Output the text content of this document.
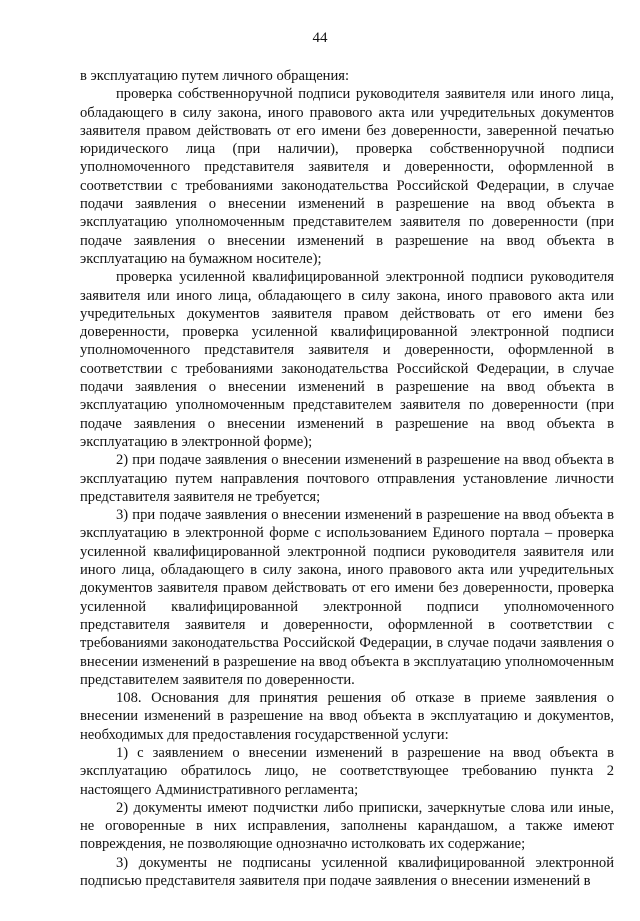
44

в эксплуатацию путем личного обращения:

проверка собственноручной подписи руководителя заявителя или иного лица, обладающего в силу закона, иного правового акта или учредительных документов заявителя правом действовать от его имени без доверенности, заверенной печатью юридического лица (при наличии), проверка собственноручной подписи уполномоченного представителя заявителя и доверенности, оформленной в соответствии с требованиями законодательства Российской Федерации, в случае подачи заявления о внесении изменений в разрешение на ввод объекта в эксплуатацию уполномоченным представителем заявителя по доверенности (при подаче заявления о внесении изменений в разрешение на ввод объекта в эксплуатацию на бумажном носителе);

проверка усиленной квалифицированной электронной подписи руководителя заявителя или иного лица, обладающего в силу закона, иного правового акта или учредительных документов заявителя правом действовать от его имени без доверенности, проверка усиленной квалифицированной электронной подписи уполномоченного представителя заявителя и доверенности, оформленной в соответствии с требованиями законодательства Российской Федерации, в случае подачи заявления о внесении изменений в разрешение на ввод объекта в эксплуатацию уполномоченным представителем заявителя по доверенности (при подаче заявления о внесении изменений в разрешение на ввод объекта в эксплуатацию в электронной форме);

2) при подаче заявления о внесении изменений в разрешение на ввод объекта в эксплуатацию путем направления почтового отправления установление личности представителя заявителя не требуется;

3) при подаче заявления о внесении изменений в разрешение на ввод объекта в эксплуатацию в электронной форме с использованием Единого портала – проверка усиленной квалифицированной электронной подписи руководителя заявителя или иного лица, обладающего в силу закона, иного правового акта или учредительных документов заявителя правом действовать от его имени без доверенности, проверка усиленной квалифицированной электронной подписи уполномоченного представителя заявителя и доверенности, оформленной в соответствии с требованиями законодательства Российской Федерации, в случае подачи заявления о внесении изменений в разрешение на ввод объекта в эксплуатацию уполномоченным представителем заявителя по доверенности.

108. Основания для принятия решения об отказе в приеме заявления о внесении изменений в разрешение на ввод объекта в эксплуатацию и документов, необходимых для предоставления государственной услуги:

1) с заявлением о внесении изменений в разрешение на ввод объекта в эксплуатацию обратилось лицо, не соответствующее требованию пункта 2 настоящего Административного регламента;

2) документы имеют подчистки либо приписки, зачеркнутые слова или иные, не оговоренные в них исправления, заполнены карандашом, а также имеют повреждения, не позволяющие однозначно истолковать их содержание;

3) документы не подписаны усиленной квалифицированной электронной подписью представителя заявителя при подаче заявления о внесении изменений в
